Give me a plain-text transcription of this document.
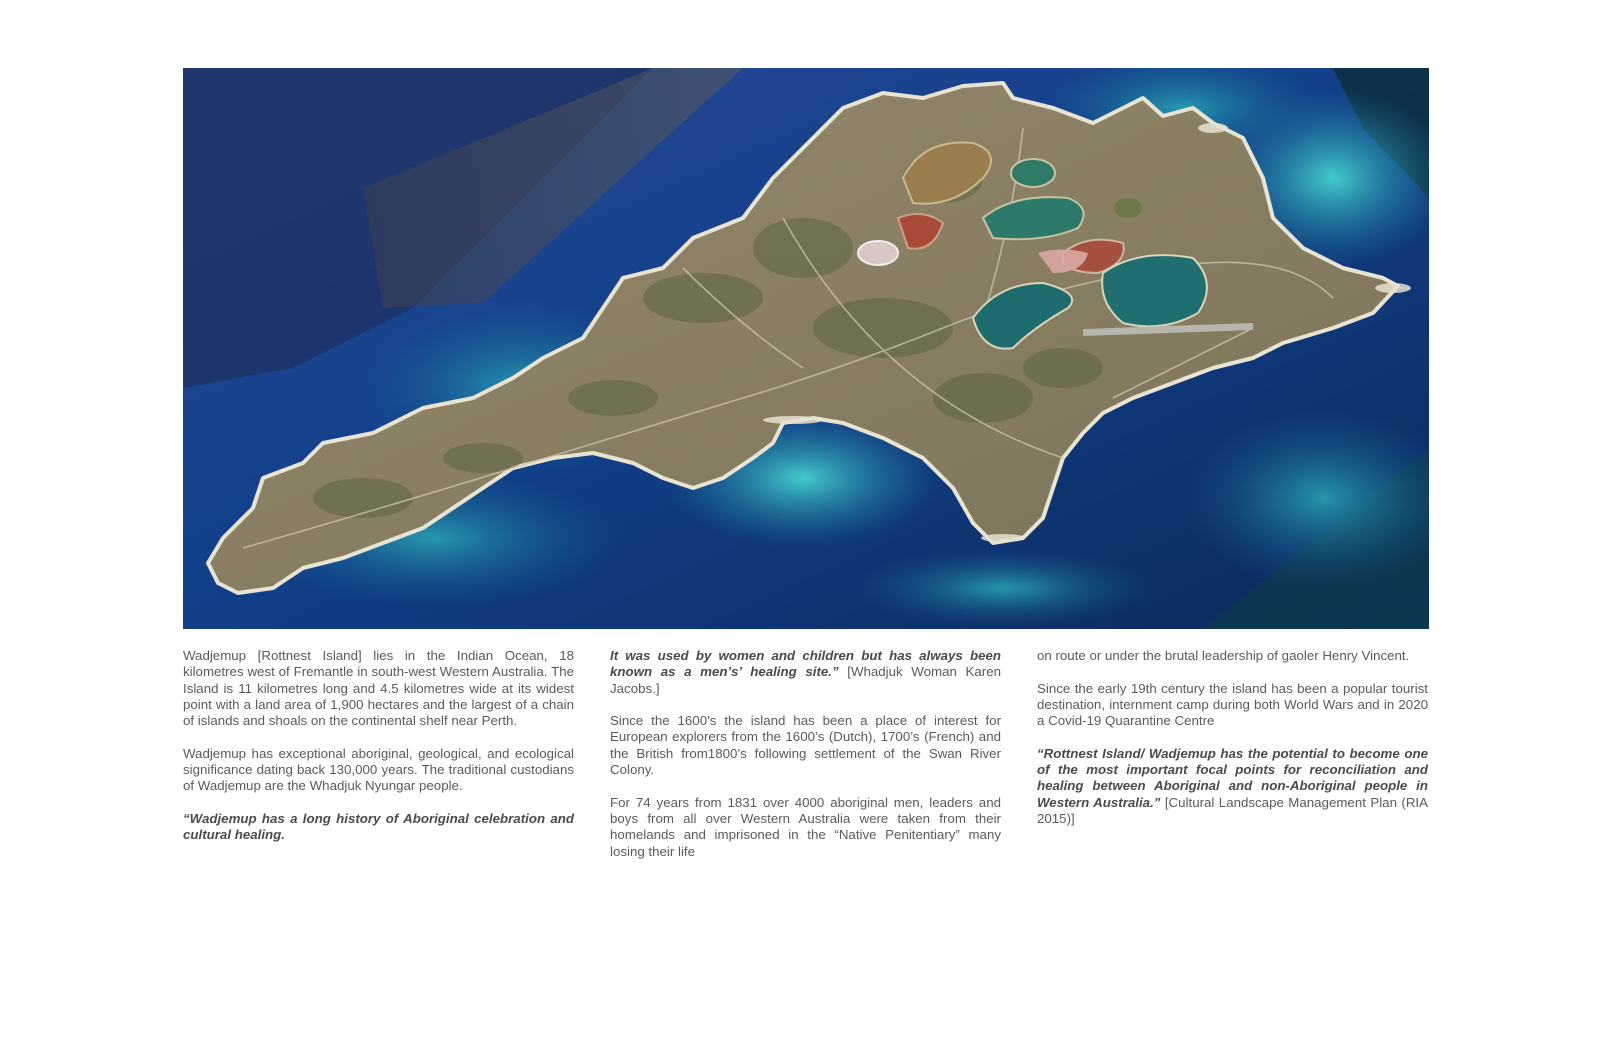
Wadjemup [Rottnest Island] lies in the Indian Ocean, 18 kilometres west of Fremantle in south-west Western Australia. The Island is 11 kilometres long and 4.5 kilometres wide at its widest point with a land area of 1,900 hectares and the largest of a chain of islands and shoals on the continental shelf near Perth.

Wadjemup has exceptional aboriginal, geological, and ecological significance dating back 130,000 years. The traditional custodians of Wadjemup are the Whadjuk Nyungar people.

“Wadjemup has a long history of Aboriginal celebration and cultural healing.

It was used by women and children but has always been known as a men’s’ healing site.” [Whadjuk Woman Karen Jacobs.]

Since the 1600’s the island has been a place of interest for European explorers from the 1600’s (Dutch), 1700’s (French) and the British from1800’s following settlement of the Swan River Colony.

For 74 years from 1831 over 4000 aboriginal men, leaders and boys from all over Western Australia were taken from their homelands and imprisoned in the “Native Penitentiary” many losing their life

on route or under the brutal leadership of gaoler Henry Vincent.

Since the early 19th century the island has been a popular tourist destination, internment camp during both World Wars and in 2020 a Covid-19 Quarantine Centre

“Rottnest Island/ Wadjemup has the potential to become one of the most important focal points for reconciliation and healing between Aboriginal and non-Aboriginal people in Western Australia.” [Cultural Landscape Management Plan (RIA 2015)]
